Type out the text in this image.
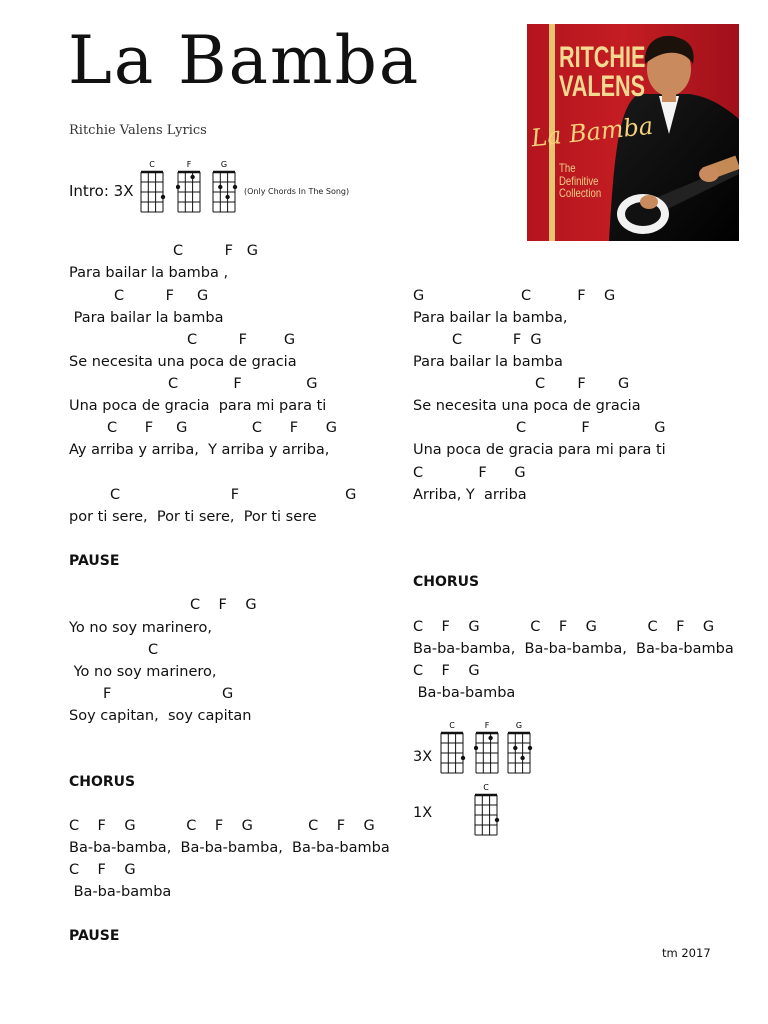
La Bamba
Ritchie Valens Lyrics
Intro: 3X	(Only Chords In The Song)
C	F	G
RITCHIE
VALENS
La Bamba
The
Definitive
Collection
C         F   G
Para bailar la bamba ,
C         F     G
Para bailar la bamba
C         F        G
Se necesita una poca de gracia
C            F              G
Una poca de gracia  para mi para ti
C      F     G              C      F      G
Ay arriba y arriba,  Y arriba y arriba,
C                        F                       G
por ti sere,  Por ti sere,  Por ti sere
PAUSE
C    F    G
Yo no soy marinero,
C
Yo no soy marinero,
F                        G
Soy capitan,  soy capitan
CHORUS
C    F    G           C    F    G            C    F    G
Ba-ba-bamba,  Ba-ba-bamba,  Ba-ba-bamba
C    F    G
Ba-ba-bamba
PAUSE
G                     C          F    G
Para bailar la bamba,
C           F  G
Para bailar la bamba
C       F       G
Se necesita una poca de gracia
C            F              G
Una poca de gracia para mi para ti
C            F      G
Arriba, Y  arriba
CHORUS
C    F    G           C    F    G           C    F    G
Ba-ba-bamba,  Ba-ba-bamba,  Ba-ba-bamba
C    F    G
Ba-ba-bamba
3X
1X
C	F	G
C
tm 2017
